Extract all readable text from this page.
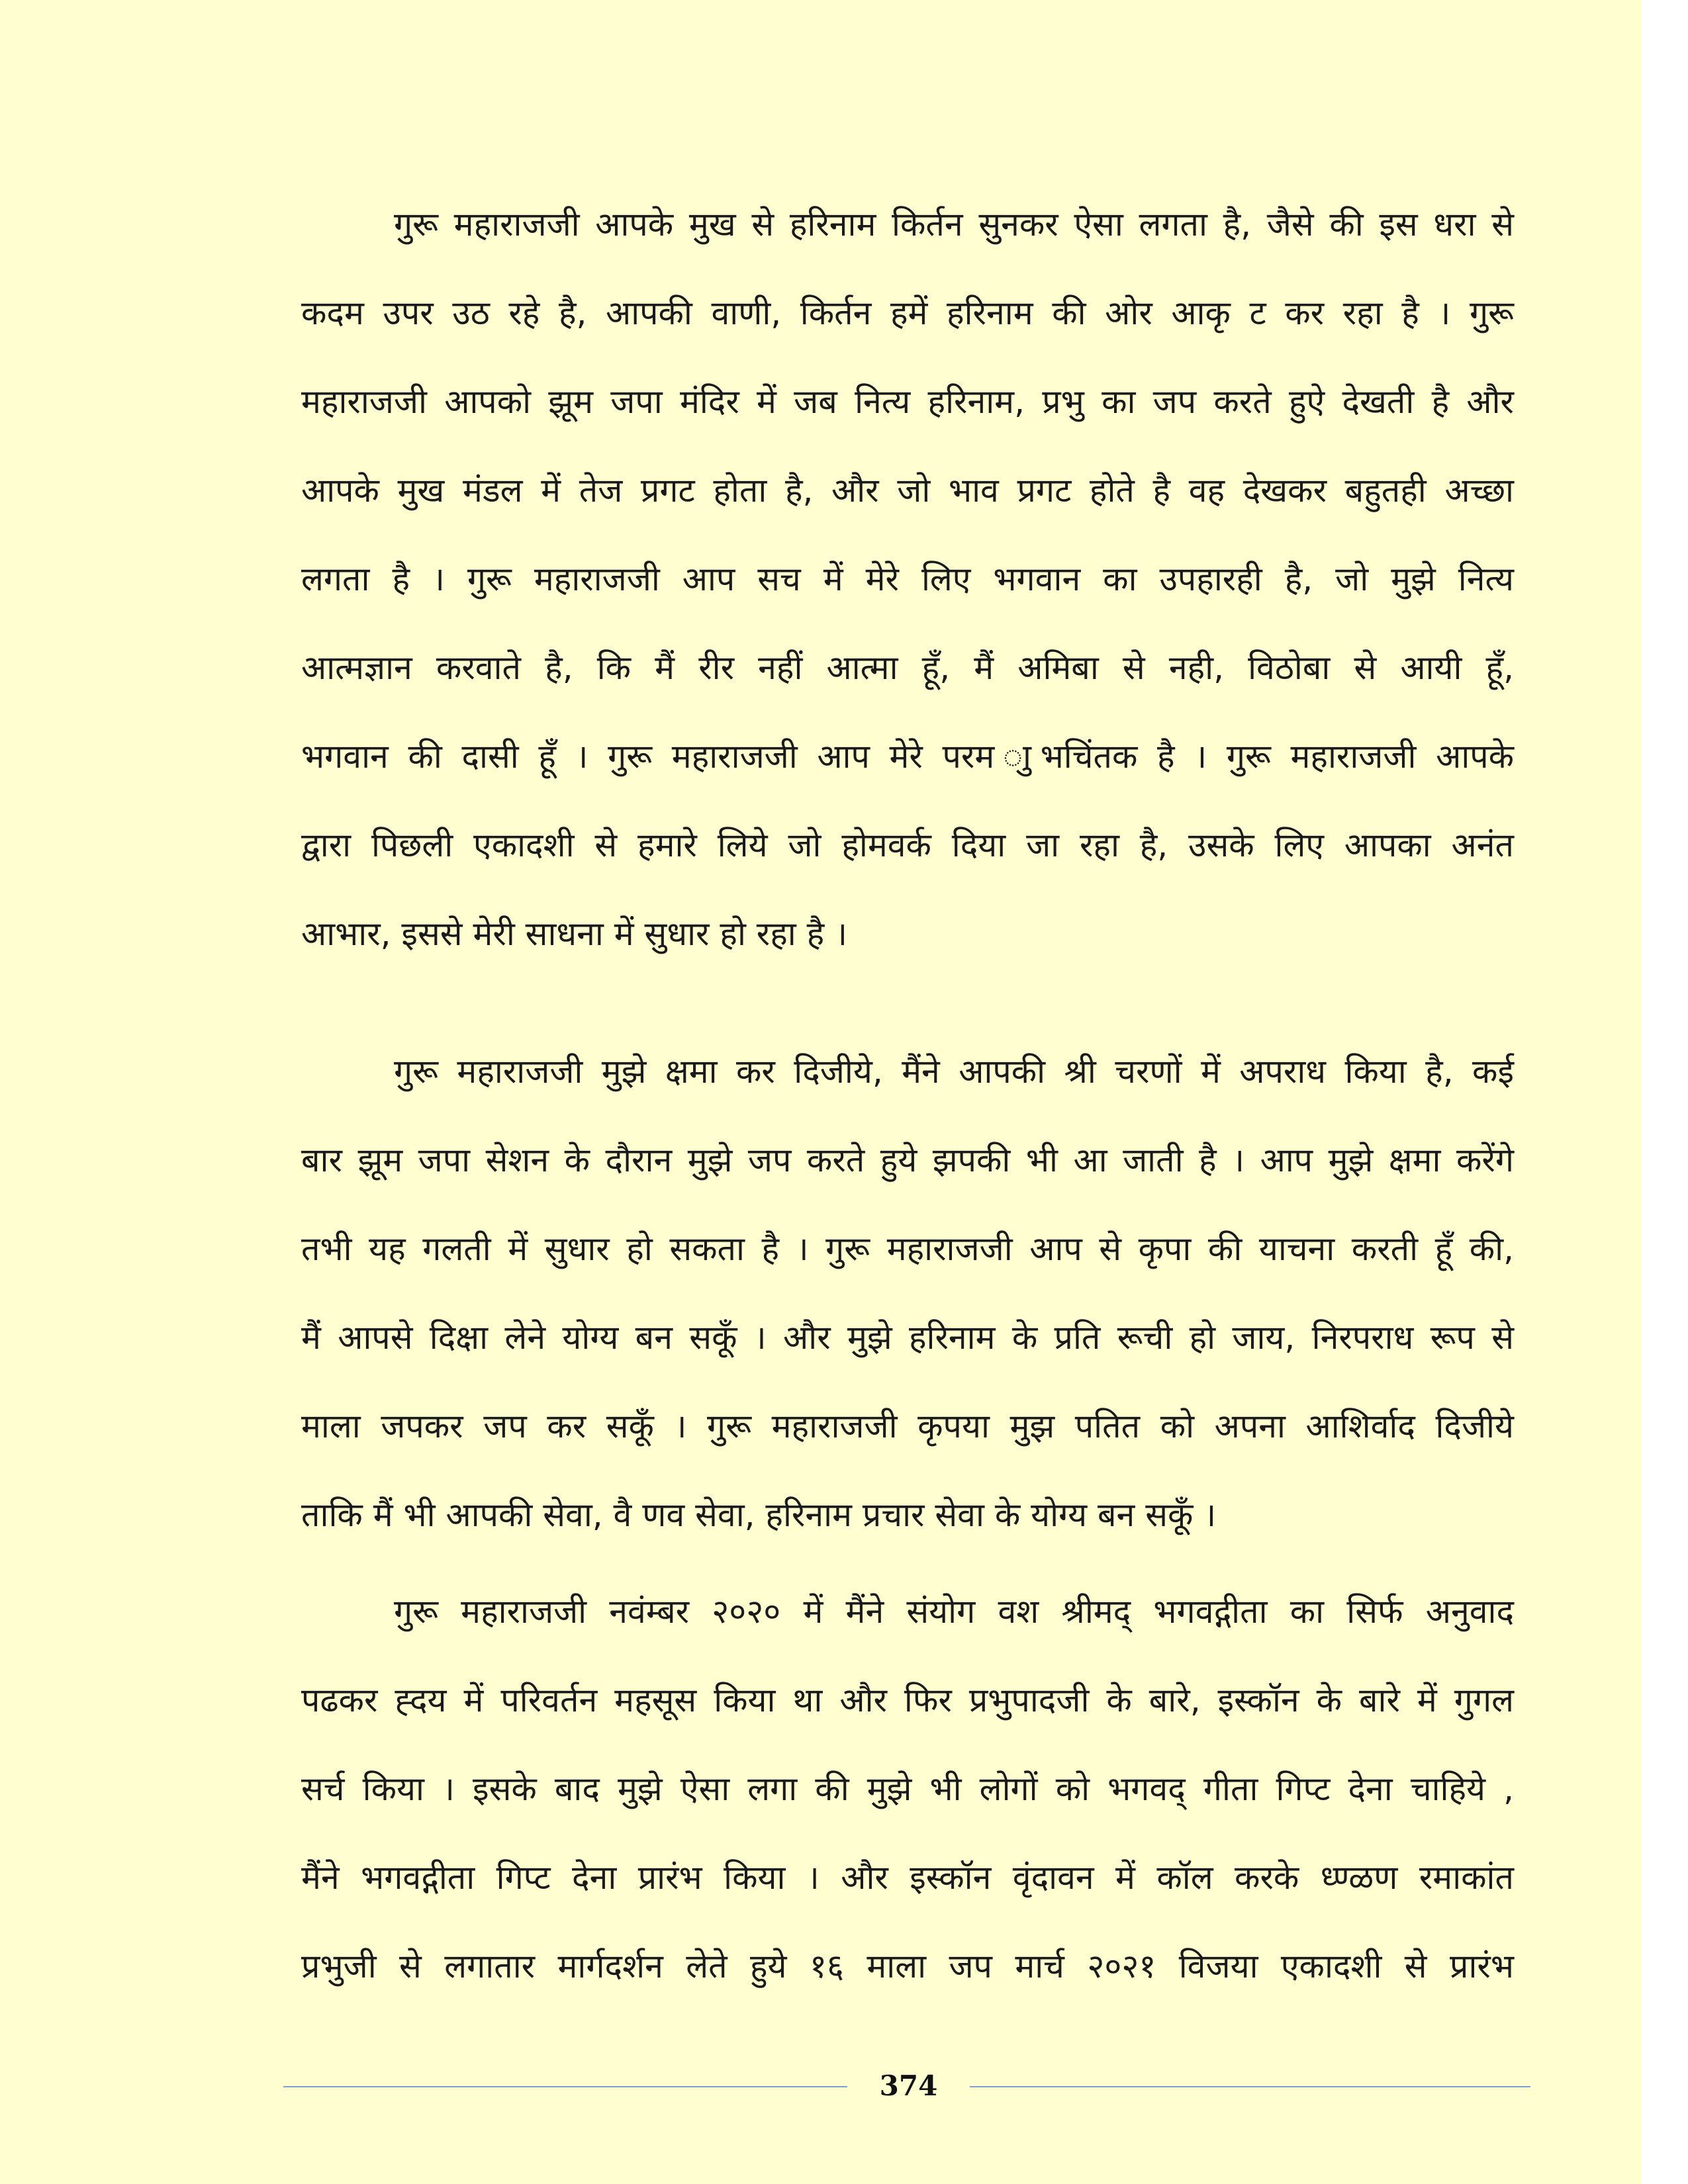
गुरू महाराजजी आपके मुख से हरिनाम किर्तन सुनकर ऐसा लगता है, जैसे की इस धरा से
कदम उपर उठ रहे है, आपकी वाणी, किर्तन हमें हरिनाम की ओर आकृ ट कर रहा है । गुरू
महाराजजी आपको झूम जपा मंदिर में जब नित्य हरिनाम, प्रभु का जप करते हुऐ देखती है और
आपके मुख मंडल में तेज प्रगट होता है, और जो भाव प्रगट होते है वह देखकर बहुतही अच्छा
लगता है । गुरू महाराजजी आप सच में मेरे लिए भगवान का उपहारही है, जो मुझे नित्य
आत्मज्ञान करवाते है, कि मैं रीर नहीं आत्मा हूँ, मैं अमिबा से नही, विठोबा से आयी हूँ,
भगवान की दासी हूँ । गुरू महाराजजी आप मेरे परम ाुभचिंतक है । गुरू महाराजजी आपके
द्वारा पिछली एकादशी से हमारे लिये जो होमवर्क दिया जा रहा है, उसके लिए आपका अनंत
आभार, इससे मेरी साधना में सुधार हो रहा है ।
गुरू महाराजजी मुझे क्षमा कर दिजीये, मैंने आपकी श्री चरणों में अपराध किया है, कई
बार झूम जपा सेशन के दौरान मुझे जप करते हुये झपकी भी आ जाती है । आप मुझे क्षमा करेंगे
तभी यह गलती में सुधार हो सकता है । गुरू महाराजजी आप से कृपा की याचना करती हूँ की,
मैं आपसे दिक्षा लेने योग्य बन सकूँ । और मुझे हरिनाम के प्रति रूची हो जाय, निरपराध रूप से
माला जपकर जप कर सकूँ । गुरू महाराजजी कृपया मुझ पतित को अपना आशिर्वाद दिजीये
ताकि मैं भी आपकी सेवा, वै णव सेवा, हरिनाम प्रचार सेवा के योग्य बन सकूँ ।
गुरू महाराजजी नवंम्बर २०२० में मैंने संयोग वश श्रीमद् भगवद्गीता का सिर्फ अनुवाद
पढकर ह्दय में परिवर्तन महसूस किया था और फिर प्रभुपादजी के बारे, इस्कॉन के बारे में गुगल
सर्च किया । इसके बाद मुझे ऐसा लगा की मुझे भी लोगों को भगवद् गीता गिप्ट देना चाहिये ,
मैंने भगवद्गीता गिप्ट देना प्रारंभ किया । और इस्कॉन वृंदावन में कॉल करके ध्ण्ळण रमाकांत
प्रभुजी से लगातार मार्गदर्शन लेते हुये १६ माला जप मार्च २०२१ विजया एकादशी से प्रारंभ
374
